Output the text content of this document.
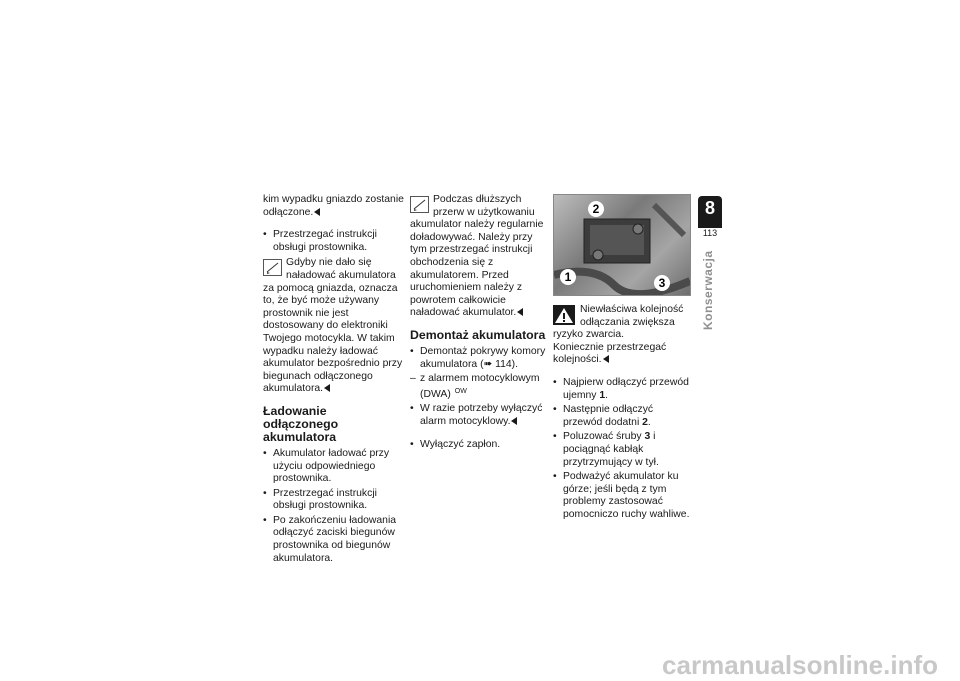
kim wypadku gniazdo zostanie odłączone.

• Przestrzegać instrukcji obsługi prostownika.

Gdyby nie dało się naładować akumulatora za pomocą gniazda, oznacza to, że być może używany prostownik nie jest dostosowany do elektroniki Twojego motocykla. W takim wypadku należy ładować akumulator bezpośrednio przy biegunach odłączonego akumulatora.

Ładowanie odłączonego akumulatora

• Akumulator ładować przy użyciu odpowiedniego prostownika.

• Przestrzegać instrukcji obsługi prostownika.

• Po zakończeniu ładowania odłączyć zaciski biegunów prostownika od biegunów akumulatora.

Podczas dłuższych przerw w użytkowaniu akumulator należy regularnie doładowywać. Należy przy tym przestrzegać instrukcji obchodzenia się z akumulatorem. Przed uruchomieniem należy z powrotem całkowicie naładować akumulator.

Demontaż akumulatora

• Demontaż pokrywy komory akumulatora (➠ 114).

– z alarmem motocyklowym (DWA) $^{OW}$

• W razie potrzeby wyłączyć alarm motocyklowy.

• Wyłączyć zapłon.

2
1	3

Niewłaściwa kolejność odłączania zwiększa ryzyko zwarcia.

Koniecznie przestrzegać kolejności.

• Najpierw odłączyć przewód ujemny 1.

• Następnie odłączyć przewód dodatni 2.

• Poluzować śruby 3 i pociągnąć kabłąk przytrzymujący w tył.

• Podważyć akumulator ku górze; jeśli będą z tym problemy zastosować pomocniczo ruchy wahliwe.

8
113
Konserwacja
carmanualsonline.info
